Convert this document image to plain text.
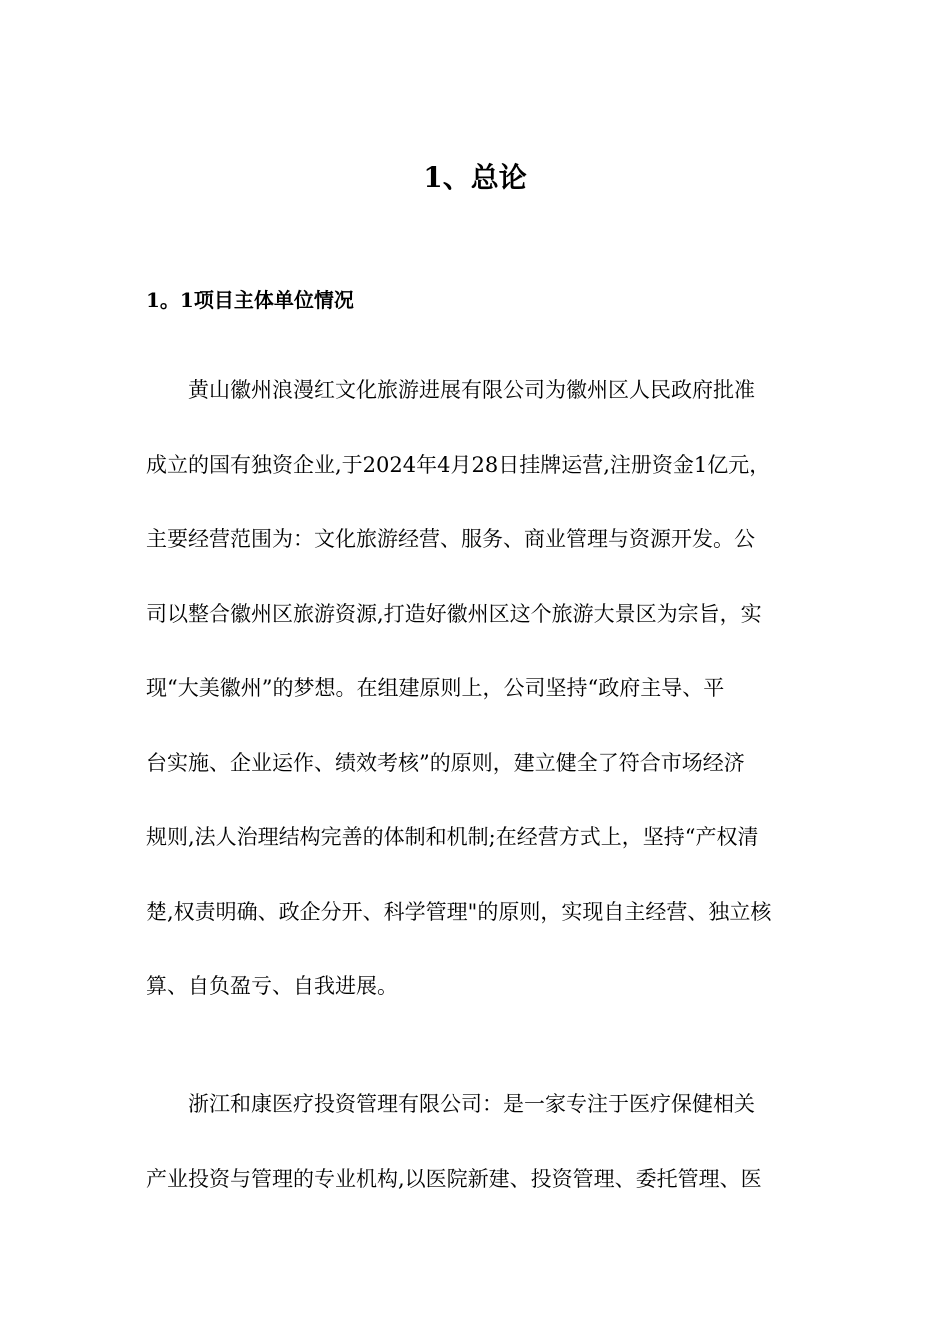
1、总论
1。1项目主体单位情况

黄山徽州浪漫红文化旅游进展有限公司为徽州区人民政府批准
成立的国有独资企业,于2024年4月28日挂牌运营,注册资金1亿元，
主要经营范围为：文化旅游经营、服务、商业管理与资源开发。公
司以整合徽州区旅游资源,打造好徽州区这个旅游大景区为宗旨，实
现“大美徽州”的梦想。在组建原则上，公司坚持“政府主导、平
台实施、企业运作、绩效考核”的原则，建立健全了符合市场经济
规则,法人治理结构完善的体制和机制;在经营方式上，坚持“产权清
楚,权责明确、政企分开、科学管理"的原则，实现自主经营、独立核
算、自负盈亏、自我进展。

浙江和康医疗投资管理有限公司：是一家专注于医疗保健相关
产业投资与管理的专业机构,以医院新建、投资管理、委托管理、医
